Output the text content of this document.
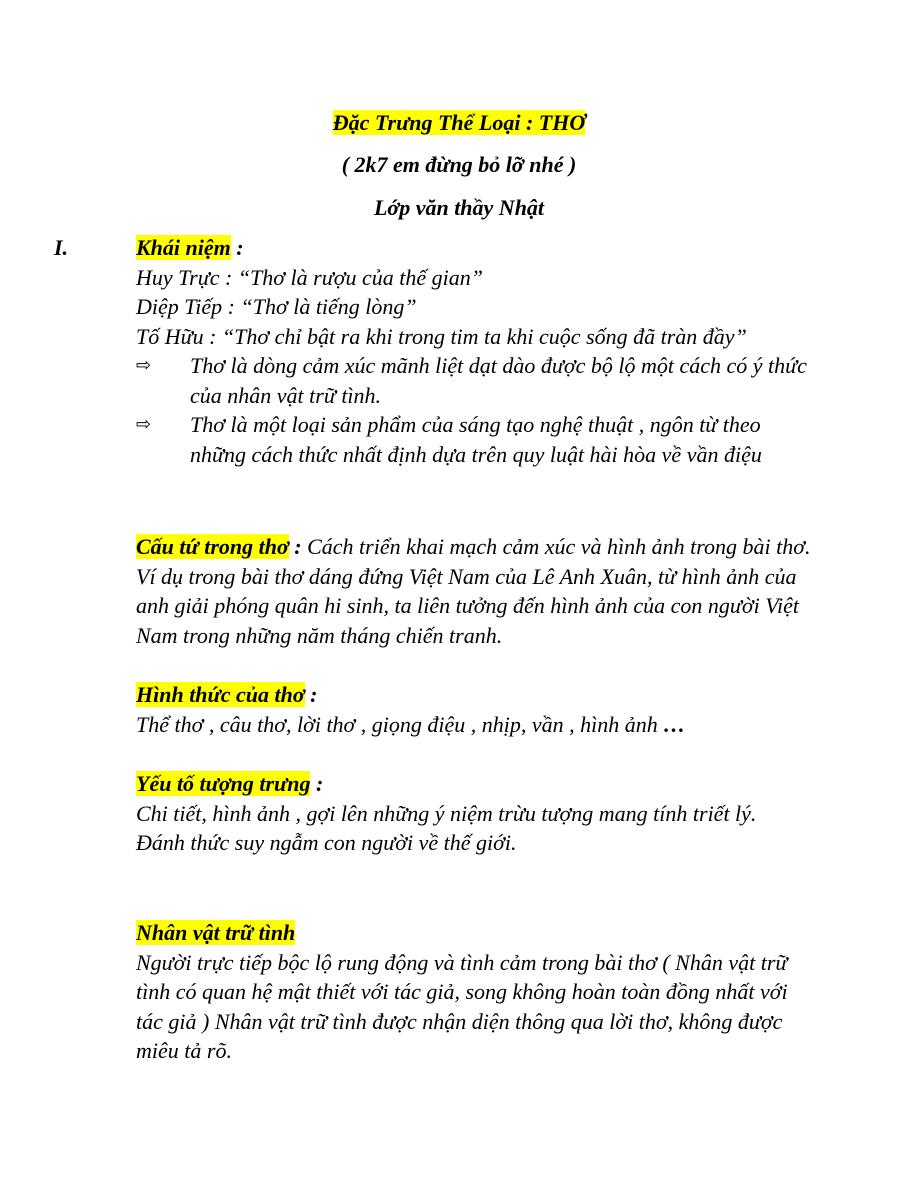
Đặc Trưng Thể Loại : THƠ
( 2k7 em đừng bỏ lỡ nhé )
Lớp văn thầy Nhật
I.	Khái niệm :

Huy Trực : “Thơ là rượu của thế gian”

Diệp Tiếp : “Thơ là tiếng lòng”

Tố Hữu : “Thơ chỉ bật ra khi trong tim ta khi cuộc sống đã tràn đầy”

⇨ Thơ là dòng cảm xúc mãnh liệt dạt dào được bộ lộ một cách có ý thức của nhân vật trữ tình.
⇨ Thơ là một loại sản phẩm của sáng tạo nghệ thuật , ngôn từ theo những cách thức nhất định dựa trên quy luật hài hòa về vần điệu

Cấu tứ trong thơ : Cách triển khai mạch cảm xúc và hình ảnh trong bài thơ. Ví dụ trong bài thơ dáng đứng Việt Nam của Lê Anh Xuân, từ hình ảnh của anh giải phóng quân hi sinh, ta liên tưởng đến hình ảnh của con người Việt Nam trong những năm tháng chiến tranh.

Hình thức của thơ :

Thể thơ , câu thơ, lời thơ , giọng điệu , nhịp, vần , hình ảnh …

Yếu tố tượng trưng :

Chi tiết, hình ảnh , gợi lên những ý niệm trừu tượng mang tính triết lý.

Đánh thức suy ngẫm con người về thế giới.

Nhân vật trữ tình

Người trực tiếp bộc lộ rung động và tình cảm trong bài thơ ( Nhân vật trữ tình có quan hệ mật thiết với tác giả, song không hoàn toàn đồng nhất với tác giả ) Nhân vật trữ tình được nhận diện thông qua lời thơ, không được miêu tả rõ.
